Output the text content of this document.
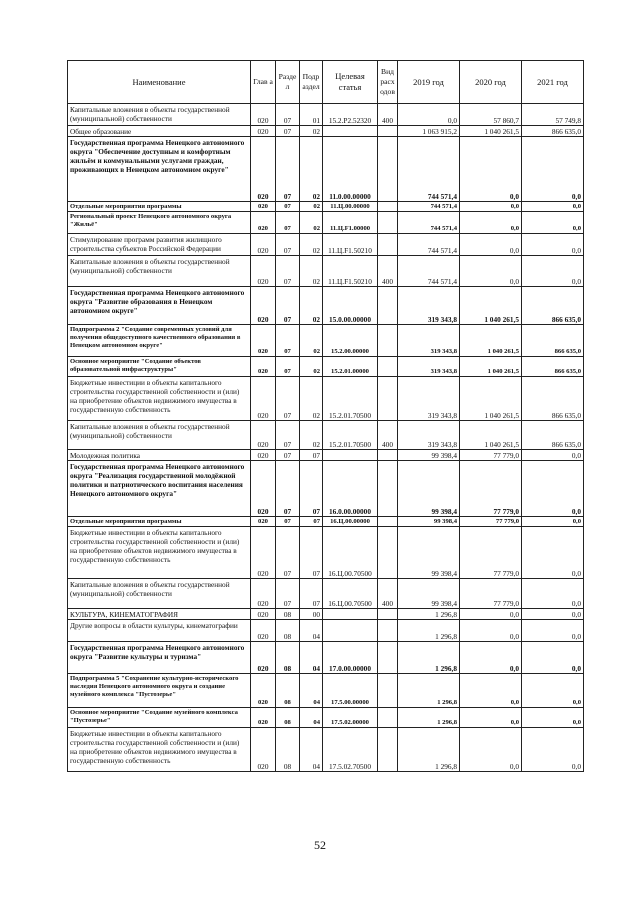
Наименование	Глав а	Разде л	Подр аздел	Целевая статья	Вид расх одов	2019 год	2020 год	2021 год
Капитальные вложения в объекты государственной (муниципальной) собственности	020	07	01	15.2.Р2.52320	400	0,0	57 860,7	57 749,8
Общее образование	020	07	02			1 063 915,2	1 040 261,5	866 635,0
Государственная программа Ненецкого автономного округа "Обеспечение доступным и комфортным жильём и коммунальными услугами граждан, проживающих в Ненецком автономном округе"	020	07	02	11.0.00.00000		744 571,4	0,0	0,0
Отдельные мероприятия программы	020	07	02	11.Ц.00.00000		744 571,4	0,0	0,0
Региональный проект Ненецкого автономного округа "Жильё"	020	07	02	11.Ц.F1.00000		744 571,4	0,0	0,0
Стимулирование программ развития жилищного строительства субъектов Российской Федерации	020	07	02	11.Ц.F1.50210		744 571,4	0,0	0,0
Капитальные вложения в объекты государственной (муниципальной) собственности	020	07	02	11.Ц.F1.50210	400	744 571,4	0,0	0,0
Государственная программа Ненецкого автономного округа "Развитие образования в Ненецком автономном округе"	020	07	02	15.0.00.00000		319 343,8	1 040 261,5	866 635,0
Подпрограмма 2 "Создание современных условий для получения общедоступного качественного образования в Ненецком автономном округе"	020	07	02	15.2.00.00000		319 343,8	1 040 261,5	866 635,0
Основное мероприятие "Создание объектов образовательной инфраструктуры"	020	07	02	15.2.01.00000		319 343,8	1 040 261,5	866 635,0
Бюджетные инвестиции в объекты капитального строительства государственной собственности и (или) на приобретение объектов недвижимого имущества в государственную собственность	020	07	02	15.2.01.70500		319 343,8	1 040 261,5	866 635,0
Капитальные вложения в объекты государственной (муниципальной) собственности	020	07	02	15.2.01.70500	400	319 343,8	1 040 261,5	866 635,0
Молодежная политика	020	07	07			99 398,4	77 779,0	0,0
Государственная программа Ненецкого автономного округа "Реализация государственной молодёжной политики и патриотического воспитания населения Ненецкого автономного округа"	020	07	07	16.0.00.00000		99 398,4	77 779,0	0,0
Отдельные мероприятия программы	020	07	07	16.Ц.00.00000		99 398,4	77 779,0	0,0
Бюджетные инвестиции в объекты капитального строительства государственной собственности и (или) на приобретение объектов недвижимого имущества в государственную собственность	020	07	07	16.Ц.00.70500		99 398,4	77 779,0	0,0
Капитальные вложения в объекты государственной (муниципальной) собственности	020	07	07	16.Ц.00.70500	400	99 398,4	77 779,0	0,0
КУЛЬТУРА, КИНЕМАТОГРАФИЯ	020	08	00			1 296,8	0,0	0,0
Другие вопросы в области культуры, кинематографии	020	08	04			1 296,8	0,0	0,0
Государственная программа Ненецкого автономного округа "Развитие культуры и туризма"	020	08	04	17.0.00.00000		1 296,8	0,0	0,0
Подпрограмма 5 "Сохранение культурно-исторического наследия Ненецкого автономного округа и создание музейного комплекса "Пустозерье"	020	08	04	17.5.00.00000		1 296,8	0,0	0,0
Основное мероприятие "Создание музейного комплекса "Пустозерье"	020	08	04	17.5.02.00000		1 296,8	0,0	0,0
Бюджетные инвестиции в объекты капитального строительства государственной собственности и (или) на приобретение объектов недвижимого имущества в государственную собственность	020	08	04	17.5.02.70500		1 296,8	0,0	0,0
52
